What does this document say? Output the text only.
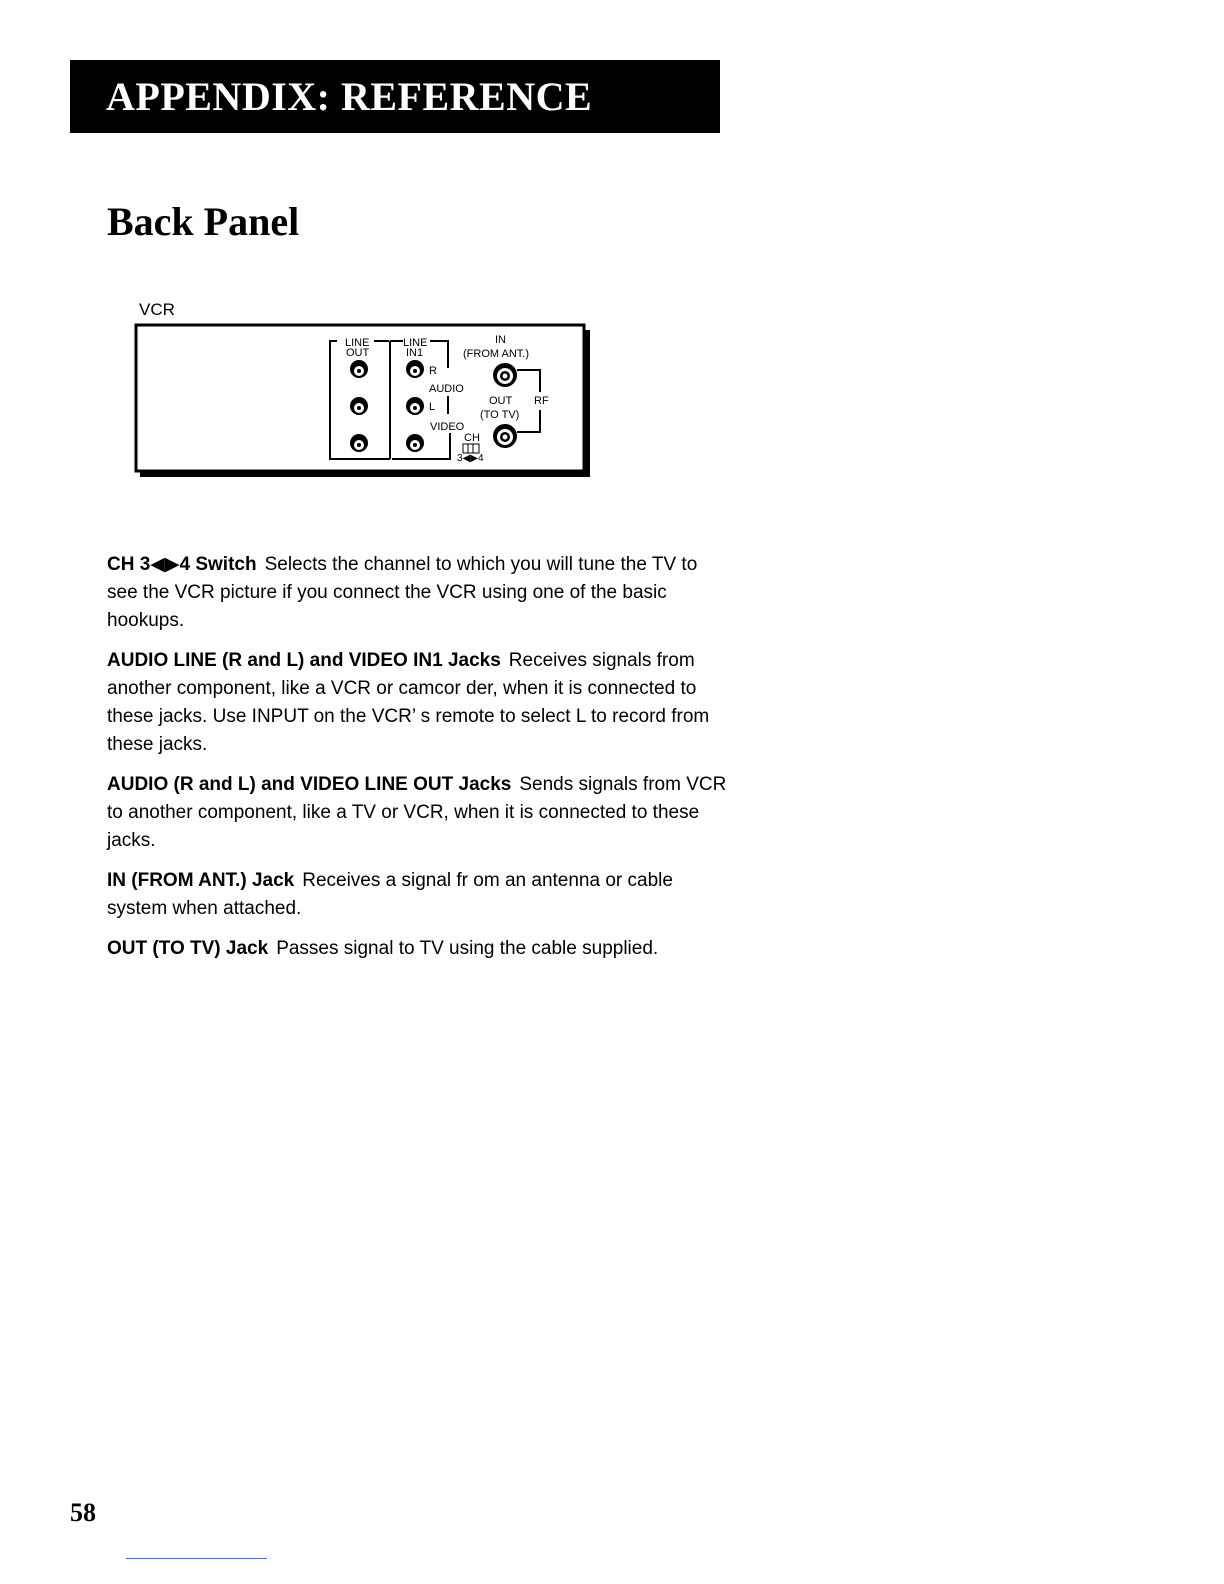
APPENDIX: REFERENCE
Back Panel
VCR
LINE
OUT
LINE
IN1
R
L
AUDIO
VIDEO
IN
(FROM ANT.)
RF
OUT
(TO TV)
CH
3◀▶4

CH 3◀▶4 Switch Selects the channel to which you will tune the TV to see the VCR picture if you connect the VCR using one of the basic hookups.

AUDIO LINE (R and L) and VIDEO IN1 Jacks Receives signals from another component, like a VCR or camcor der, when it is connected to these jacks. Use INPUT on the VCR’ s remote to select L to record from these jacks.

AUDIO (R and L) and VIDEO LINE OUT Jacks Sends signals from VCR to another component, like a TV or VCR, when it is connected to these jacks.

IN (FROM ANT.) Jack Receives a signal fr om an antenna or cable system when attached.

OUT (TO TV) Jack Passes signal to TV using the cable supplied.

58
